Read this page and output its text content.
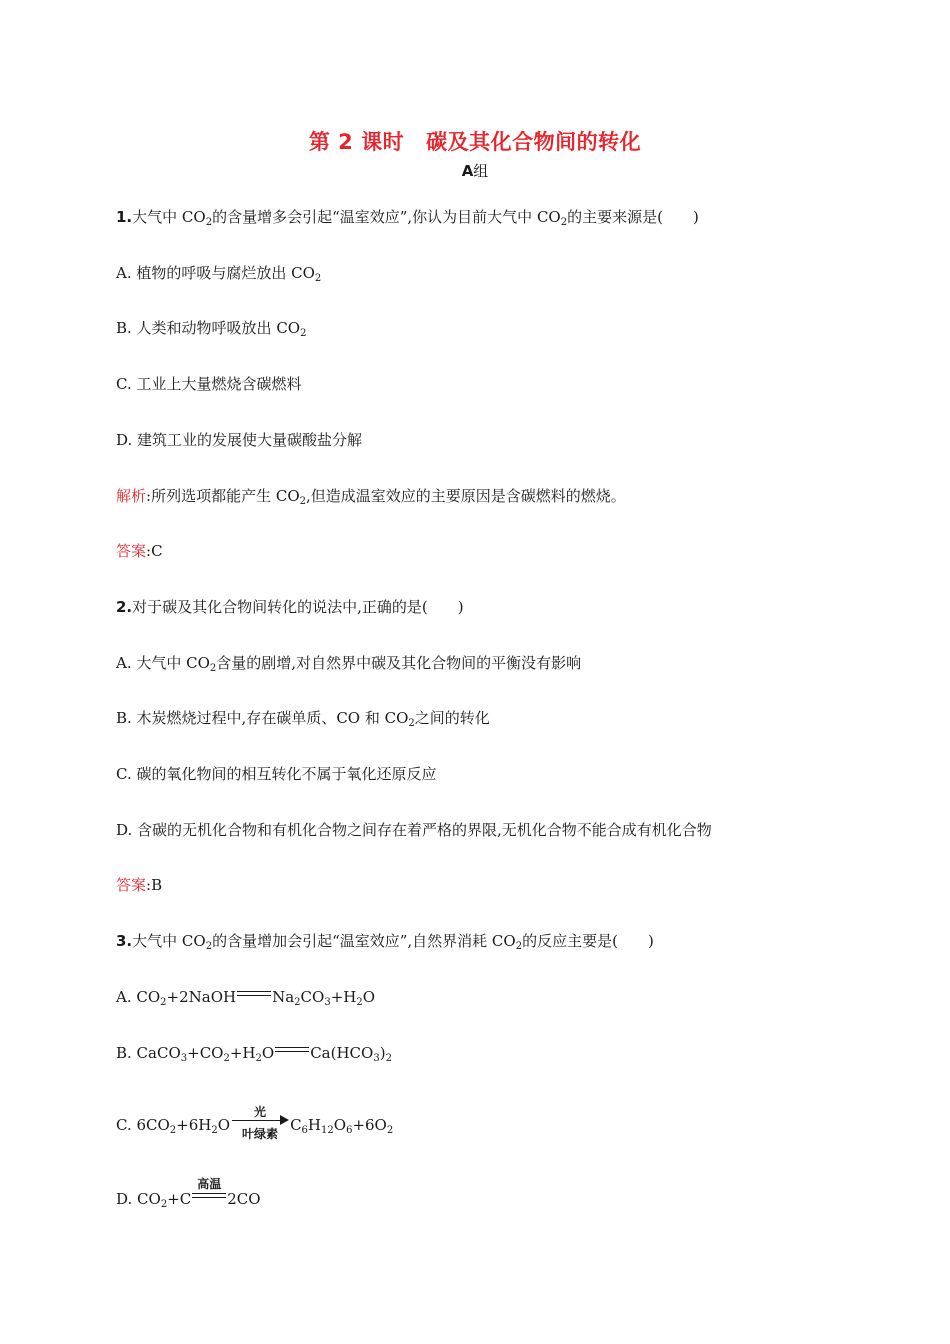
第 2 课时 碳及其化合物间的转化
A组
1.大气中 $CO_2$的含量增多会引起“温室效应”,你认为目前大气中 $CO_2$的主要来源是(　　)
A. 植物的呼吸与腐烂放出 $CO_2$
B. 人类和动物呼吸放出 $CO_2$
C. 工业上大量燃烧含碳燃料
D. 建筑工业的发展使大量碳酸盐分解
解析:所列选项都能产生 $CO_2$,但造成温室效应的主要原因是含碳燃料的燃烧。
答案:C
2.对于碳及其化合物间转化的说法中,正确的是(　　)
A. 大气中 $CO_2$含量的剧增,对自然界中碳及其化合物间的平衡没有影响
B. 木炭燃烧过程中,存在碳单质、CO 和 $CO_2$之间的转化
C. 碳的氧化物间的相互转化不属于氧化还原反应
D. 含碳的无机化合物和有机化合物之间存在着严格的界限,无机化合物不能合成有机化合物
答案:B
3.大气中 $CO_2$的含量增加会引起“温室效应”,自然界消耗 $CO_2$的反应主要是(　　)
A. $CO_2+2NaOH$ $Na_2CO_3+H_2O$
B. $CaCO_3+CO_2+H_2O$ $Ca(HCO_3)_2$
C. $6CO_2+6H_2O$
光
叶绿素 $C_6H_{12}O_6+6O_2$
D. $CO_2+C$
高温
2CO
